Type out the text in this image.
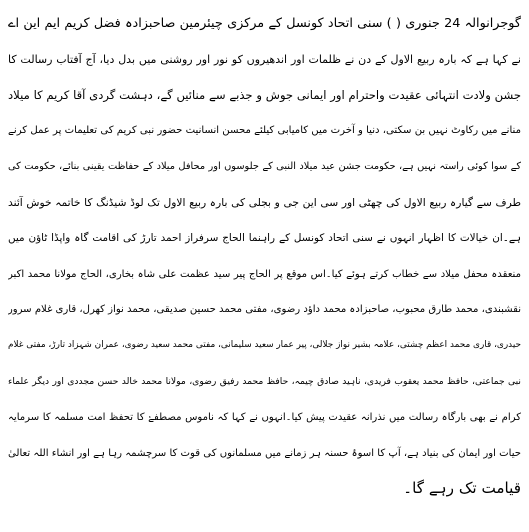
گوجرانوالہ 24 جنوری ( ) سنی اتحاد کونسل کے مرکزی چیئرمین صاحبزادہ فضل کریم ایم این اے
نے کہا ہے کہ بارہ ربیع الاول کے دن نے ظلمات اور اندھیروں کو نور اور روشنی میں بدل دیا، آج آفتاب رسالت کا
جشن ولادت انتہائی عقیدت واحترام اور ایمانی جوش و جذبے سے منائیں گے، دہشت گردی آقا کریم کا میلاد
منانے میں رکاوٹ نہیں بن سکتی، دنیا و آخرت میں کامیابی کیلئے محسن انسانیت حضور نبی کریم کی تعلیمات پر عمل کرنے
کے سوا کوئی راستہ نہیں ہے، حکومت جشن عید میلاد النبی کے جلوسوں اور محافل میلاد کے حفاظت یقینی بنائے، حکومت کی
طرف سے گیارہ ربیع الاول کی چھٹی اور سی این جی و بجلی کی بارہ ربیع الاول تک لوڈ شیڈنگ کا خاتمہ خوش آئند
ہے۔ان خیالات کا اظہار انہوں نے سنی اتحاد کونسل کے راہنما الحاج سرفراز احمد تارڑ کی اقامت گاہ واپڈا ٹاؤن میں
منعقدہ محفل میلاد سے خطاب کرتے ہوئے کیا۔اس موقع پر الحاج پیر سید عظمت علی شاہ بخاری، الحاج مولانا محمد اکبر
نقشبندی، محمد طارق محبوب، صاحبزادہ محمد داؤد رضوی، مفتی محمد حسین صدیقی، محمد نواز کھرل، قاری غلام سرور
حیدری، قاری محمد اعظم چشتی، علامہ بشیر نواز جلالی، پیر عمار سعید سلیمانی، مفتی محمد سعید رضوی، عمران شہزاد تارڑ، مفتی غلام
نبی جماعتی، حافظ محمد یعقوب فریدی، ناہید صادق چیمہ، حافظ محمد رفیق رضوی، مولانا محمد خالد حسن مجددی اور دیگر علماء
کرام نے بھی بارگاہ رسالت میں نذرانہ عقیدت پیش کیا۔انہوں نے کہا کہ ناموس مصطفےٰ کا تحفظ امت مسلمہ کا سرمایہ
حیات اور ایمان کی بنیاد ہے، آپ کا اسوۂ حسنہ ہر زمانے میں مسلمانوں کی قوت کا سرچشمہ رہا ہے اور انشاء اللہ تعالیٰ
قیامت تک رہے گا۔
